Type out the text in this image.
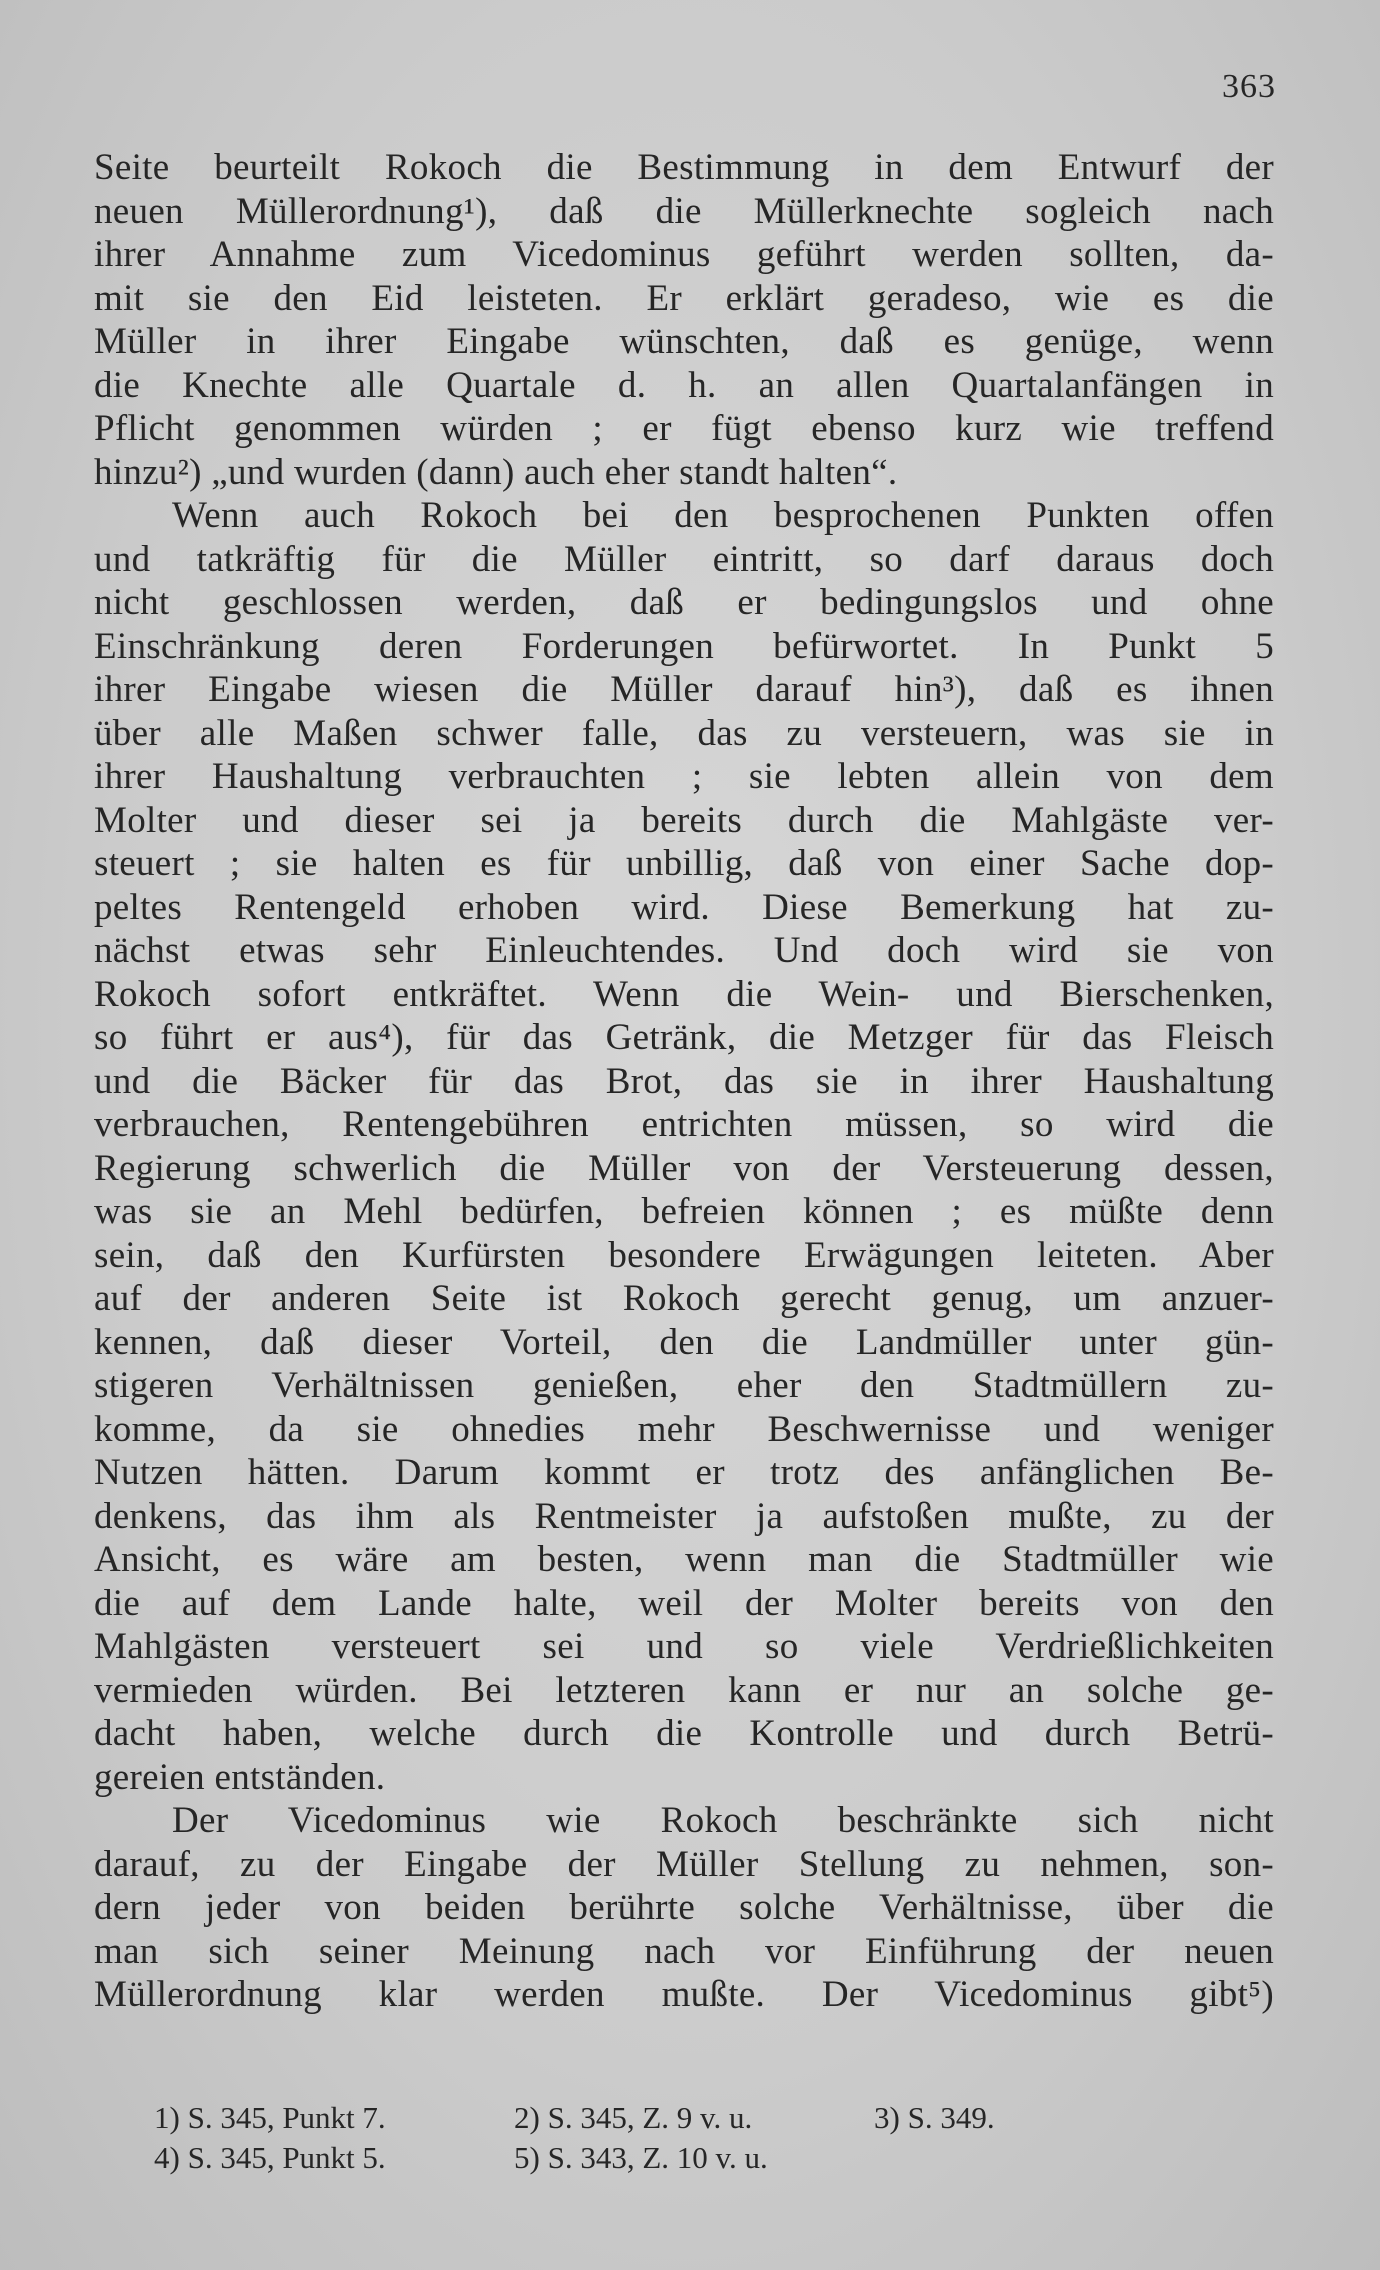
363
Seite beurteilt Rokoch die Bestimmung in dem Entwurf der
neuen Müllerordnung¹), daß die Müllerknechte sogleich nach
ihrer Annahme zum Vicedominus geführt werden sollten, da-
mit sie den Eid leisteten. Er erklärt geradeso, wie es die
Müller in ihrer Eingabe wünschten, daß es genüge, wenn
die Knechte alle Quartale d. h. an allen Quartalanfängen in
Pflicht genommen würden ; er fügt ebenso kurz wie treffend
hinzu²) „und wurden (dann) auch eher standt halten“.
Wenn auch Rokoch bei den besprochenen Punkten offen
und tatkräftig für die Müller eintritt, so darf daraus doch
nicht geschlossen werden, daß er bedingungslos und ohne
Einschränkung deren Forderungen befürwortet. In Punkt 5
ihrer Eingabe wiesen die Müller darauf hin³), daß es ihnen
über alle Maßen schwer falle, das zu versteuern, was sie in
ihrer Haushaltung verbrauchten ; sie lebten allein von dem
Molter und dieser sei ja bereits durch die Mahlgäste ver-
steuert ; sie halten es für unbillig, daß von einer Sache dop-
peltes Rentengeld erhoben wird. Diese Bemerkung hat zu-
nächst etwas sehr Einleuchtendes. Und doch wird sie von
Rokoch sofort entkräftet. Wenn die Wein- und Bierschenken,
so führt er aus⁴), für das Getränk, die Metzger für das Fleisch
und die Bäcker für das Brot, das sie in ihrer Haushaltung
verbrauchen, Rentengebühren entrichten müssen, so wird die
Regierung schwerlich die Müller von der Versteuerung dessen,
was sie an Mehl bedürfen, befreien können ; es müßte denn
sein, daß den Kurfürsten besondere Erwägungen leiteten. Aber
auf der anderen Seite ist Rokoch gerecht genug, um anzuer-
kennen, daß dieser Vorteil, den die Landmüller unter gün-
stigeren Verhältnissen genießen, eher den Stadtmüllern zu-
komme, da sie ohnedies mehr Beschwernisse und weniger
Nutzen hätten. Darum kommt er trotz des anfänglichen Be-
denkens, das ihm als Rentmeister ja aufstoßen mußte, zu der
Ansicht, es wäre am besten, wenn man die Stadtmüller wie
die auf dem Lande halte, weil der Molter bereits von den
Mahlgästen versteuert sei und so viele Verdrießlichkeiten
vermieden würden. Bei letzteren kann er nur an solche ge-
dacht haben, welche durch die Kontrolle und durch Betrü-
gereien entständen.
Der Vicedominus wie Rokoch beschränkte sich nicht
darauf, zu der Eingabe der Müller Stellung zu nehmen, son-
dern jeder von beiden berührte solche Verhältnisse, über die
man sich seiner Meinung nach vor Einführung der neuen
Müllerordnung klar werden mußte. Der Vicedominus gibt⁵)
1) S. 345, Punkt 7.	2) S. 345, Z. 9 v. u.	3) S. 349.
4) S. 345, Punkt 5.	5) S. 343, Z. 10 v. u.
